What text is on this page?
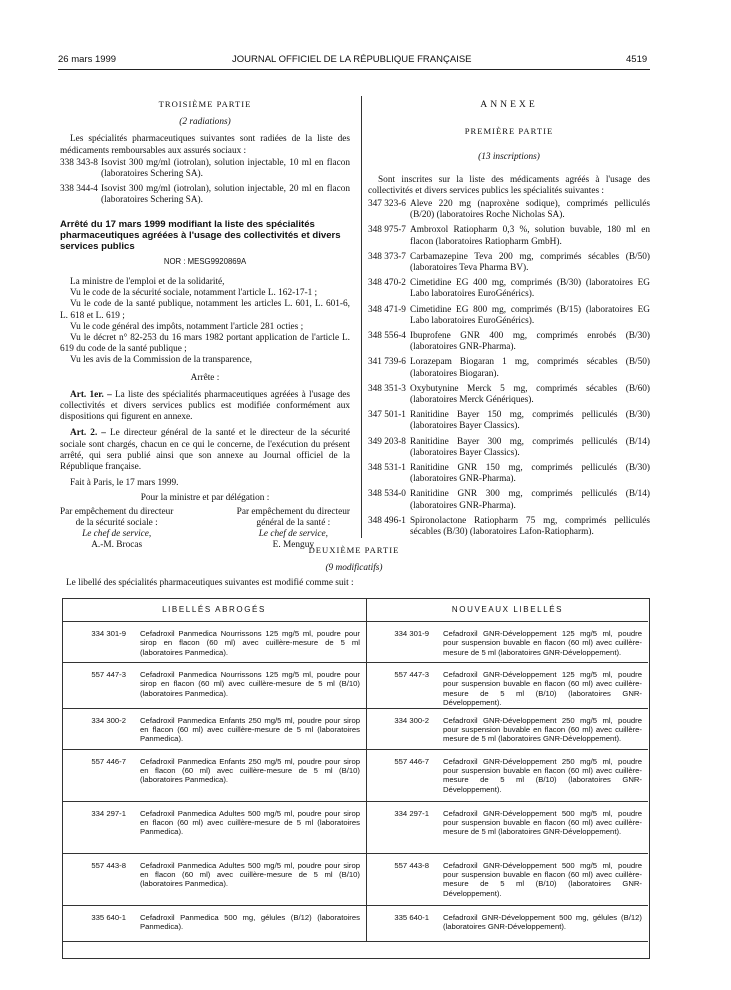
26 mars 1999	JOURNAL OFFICIEL DE LA RÉPUBLIQUE FRANÇAISE	4519

TROISIÈME PARTIE

(2 radiations)

Les spécialités pharmaceutiques suivantes sont radiées de la liste des médicaments remboursables aux assurés sociaux :

338 343-8 Isovist 300 mg/ml (iotrolan), solution injectable, 10 ml en flacon (laboratoires Schering SA).
338 344-4 Isovist 300 mg/ml (iotrolan), solution injectable, 20 ml en flacon (laboratoires Schering SA).

Arrêté du 17 mars 1999 modifiant la liste des spécialités pharmaceutiques agréées à l'usage des collectivités et divers services publics

NOR : MESG9920869A

La ministre de l'emploi et de la solidarité,

Vu le code de la sécurité sociale, notamment l'article L. 162-17-1 ;

Vu le code de la santé publique, notamment les articles L. 601, L. 601-6, L. 618 et L. 619 ;

Vu le code général des impôts, notamment l'article 281 octies ;

Vu le décret n° 82-253 du 16 mars 1982 portant application de l'article L. 619 du code de la santé publique ;

Vu les avis de la Commission de la transparence,

Arrête :

Art. 1er. – La liste des spécialités pharmaceutiques agréées à l'usage des collectivités et divers services publics est modifiée conformément aux dispositions qui figurent en annexe.

Art. 2. – Le directeur général de la santé et le directeur de la sécurité sociale sont chargés, chacun en ce qui le concerne, de l'exécution du présent arrêté, qui sera publié ainsi que son annexe au Journal officiel de la République française.

Fait à Paris, le 17 mars 1999.

Pour la ministre et par délégation :

Par empêchement du directeur

de la sécurité sociale :

Le chef de service,

A.-M. Brocas

Par empêchement du directeur

général de la santé :

Le chef de service,

E. Menguy

ANNEXE

PREMIÈRE PARTIE

(13 inscriptions)

Sont inscrites sur la liste des médicaments agréés à l'usage des collectivités et divers services publics les spécialités suivantes :

347 323-6 Aleve 220 mg (naproxène sodique), comprimés pelliculés (B/20) (laboratoires Roche Nicholas SA).
348 975-7 Ambroxol Ratiopharm 0,3 %, solution buvable, 180 ml en flacon (laboratoires Ratiopharm GmbH).
348 373-7 Carbamazepine Teva 200 mg, comprimés sécables (B/50) (laboratoires Teva Pharma BV).
348 470-2 Cimetidine EG 400 mg, comprimés (B/30) (laboratoires EG Labo laboratoires EuroGénérics).
348 471-9 Cimetidine EG 800 mg, comprimés (B/15) (laboratoires EG Labo laboratoires EuroGénérics).
348 556-4 Ibuprofene GNR 400 mg, comprimés enrobés (B/30) (laboratoires GNR-Pharma).
341 739-6 Lorazepam Biogaran 1 mg, comprimés sécables (B/50) (laboratoires Biogaran).
348 351-3 Oxybutynine Merck 5 mg, comprimés sécables (B/60) (laboratoires Merck Génériques).
347 501-1 Ranitidine Bayer 150 mg, comprimés pelliculés (B/30) (laboratoires Bayer Classics).
349 203-8 Ranitidine Bayer 300 mg, comprimés pelliculés (B/14) (laboratoires Bayer Classics).
348 531-1 Ranitidine GNR 150 mg, comprimés pelliculés (B/30) (laboratoires GNR-Pharma).
348 534-0 Ranitidine GNR 300 mg, comprimés pelliculés (B/14) (laboratoires GNR-Pharma).
348 496-1 Spironolactone Ratiopharm 75 mg, comprimés pelliculés sécables (B/30) (laboratoires Lafon-Ratiopharm).

DEUXIÈME PARTIE

(9 modificatifs)

Le libellé des spécialités pharmaceutiques suivantes est modifié comme suit :

LIBELLÉS ABROGÉS		NOUVEAUX LIBELLÉS	
334 301-9	Cefadroxil Panmedica Nourrissons 125 mg/5 ml, poudre pour sirop en flacon (60 ml) avec cuillère-mesure de 5 ml (laboratoires Panmedica).	334 301-9	Cefadroxil GNR-Développement 125 mg/5 ml, poudre pour suspension buvable en flacon (60 ml) avec cuillère-mesure de 5 ml (laboratoires GNR-Développement).
557 447-3	Cefadroxil Panmedica Nourrissons 125 mg/5 ml, poudre pour sirop en flacon (60 ml) avec cuillère-mesure de 5 ml (B/10) (laboratoires Panmedica).	557 447-3	Cefadroxil GNR-Développement 125 mg/5 ml, poudre pour suspension buvable en flacon (60 ml) avec cuillère-mesure de 5 ml (B/10) (laboratoires GNR-Développement).
334 300-2	Cefadroxil Panmedica Enfants 250 mg/5 ml, poudre pour sirop en flacon (60 ml) avec cuillère-mesure de 5 ml (laboratoires Panmedica).	334 300-2	Cefadroxil GNR-Développement 250 mg/5 ml, poudre pour suspension buvable en flacon (60 ml) avec cuillère-mesure de 5 ml (laboratoires GNR-Développement).
557 446-7	Cefadroxil Panmedica Enfants 250 mg/5 ml, poudre pour sirop en flacon (60 ml) avec cuillère-mesure de 5 ml (B/10) (laboratoires Panmedica).	557 446-7	Cefadroxil GNR-Développement 250 mg/5 ml, poudre pour suspension buvable en flacon (60 ml) avec cuillère-mesure de 5 ml (B/10) (laboratoires GNR-Développement).
334 297-1	Cefadroxil Panmedica Adultes 500 mg/5 ml, poudre pour sirop en flacon (60 ml) avec cuillère-mesure de 5 ml (laboratoires Panmedica).	334 297-1	Cefadroxil GNR-Développement 500 mg/5 ml, poudre pour suspension buvable en flacon (60 ml) avec cuillère-mesure de 5 ml (laboratoires GNR-Développement).
557 443-8	Cefadroxil Panmedica Adultes 500 mg/5 ml, poudre pour sirop en flacon (60 ml) avec cuillère-mesure de 5 ml (B/10) (laboratoires Panmedica).	557 443-8	Cefadroxil GNR-Développement 500 mg/5 ml, poudre pour suspension buvable en flacon (60 ml) avec cuillère-mesure de 5 ml (B/10) (laboratoires GNR-Développement).
335 640-1	Cefadroxil Panmedica 500 mg, gélules (B/12) (laboratoires Panmedica).	335 640-1	Cefadroxil GNR-Développement 500 mg, gélules (B/12) (laboratoires GNR-Développement).
